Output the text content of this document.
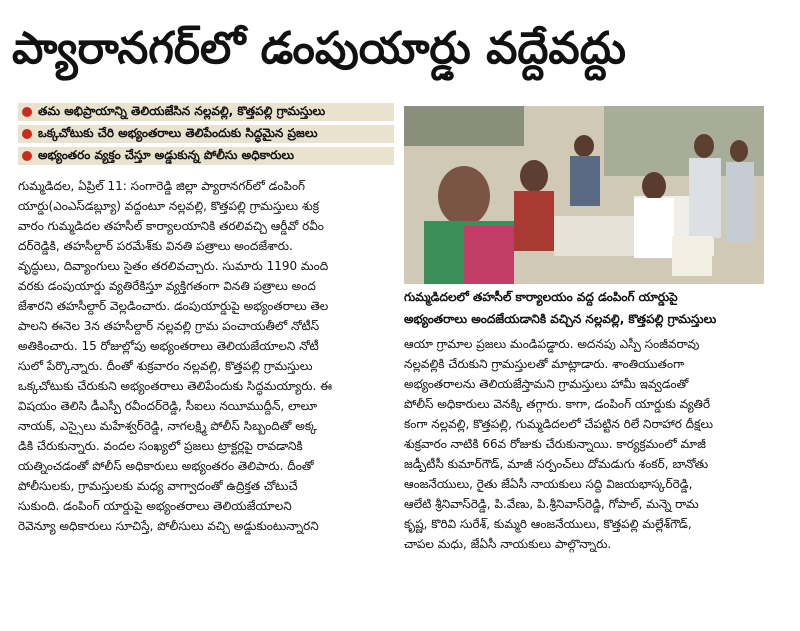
ప్యారానగర్‌లో డంపుయార్డు వద్దేవద్దు
తమ అభిప్రాయాన్ని తెలియజేసిన నల్లవల్లి, కొత్తపల్లి గ్రామస్తులు
ఒక్కచోటుకు చేరి అభ్యంతరాలు తెలిపేందుకు సిద్ధమైన ప్రజలు
అభ్యంతరం వ్యక్తం చేస్తూ అడ్డుకున్న పోలీసు అధికారులు
గుమ్మడిదల, ఏప్రిల్ 11: సంగారెడ్డి జిల్లా ప్యారానగర్‌లో డంపింగ్
యార్డు(ఎంఎస్‌డబ్ల్యూ) వద్దంటూ నల్లవల్లి, కొత్తపల్లి గ్రామస్తులు శుక్ర
వారం గుమ్మడిదల తహసీల్ కార్యాలయానికి తరలివచ్చి ఆర్డీవో రవీం
దర్‌రెడ్డికి, తహసీల్దార్ పరమేశ్‌కు వినతి పత్రాలు అందజేశారు.
వృద్ధులు, దివ్యాంగులు సైతం తరలివచ్చారు. సుమారు 1190 మంది
వరకు డంపుయార్డు వ్యతిరేకిస్తూ వ్యక్తిగతంగా వినతి పత్రాలు అంద
జేశారని తహసీల్దార్ వెల్లడించారు. డంపుయార్డుపై అభ్యంతరాలు తెల
పాలని ఈనెల 3న తహసీల్దార్ నల్లవల్లి గ్రామ పంచాయతీలో నోటీస్
అతికించారు. 15 రోజుల్లోపు అభ్యంతరాలు తెలియజేయాలని నోటీ
సులో పేర్కొన్నారు. దీంతో శుక్రవారం నల్లవల్లి, కొత్తపల్లి గ్రామస్తులు
ఒక్కచోటుకు చేరుకుని అభ్యంతరాలు తెలిపేందుకు సిద్ధమయ్యారు. ఈ
విషయం తెలిసి డీఎస్పీ రవీందర్‌రెడ్డి, సీఐలు నయీముద్దీన్, లాలూ
నాయక్, ఎస్సైలు మహేశ్వర్‌రెడ్డి, నాగలక్ష్మి పోలీస్ సిబ్బందితో అక్క
డికి చేరుకున్నారు. వందల సంఖ్యలో ప్రజలు ట్రాక్టర్లపై రావడానికి
యత్నించడంతో పోలీస్ అధికారులు అభ్యంతరం తెలిపారు. దీంతో
పోలీసులకు, గ్రామస్తులకు మధ్య వాగ్వాదంతో ఉద్రిక్తత చోటుచే
సుకుంది. డంపింగ్ యార్డుపై అభ్యంతరాలు తెలియజేయాలని
రెవెన్యూ అధికారులు సూచిస్తే, పోలీసులు వచ్చి అడ్డుకుంటున్నారని
గుమ్మడిదలలో తహసీల్ కార్యాలయం వద్ద డంపింగ్ యార్డుపై
అభ్యంతరాలు అందజేయడానికి వచ్చిన నల్లవల్లి, కొత్తపల్లి గ్రామస్తులు
ఆయా గ్రామాల ప్రజలు మండిపడ్డారు. అదనపు ఎస్పీ సంజీవరావు
నల్లవల్లికి చేరుకుని గ్రామస్తులతో మాట్లాడారు. శాంతియుతంగా
అభ్యంతరాలను తెలియజేస్తామని గ్రామస్తులు హామీ ఇవ్వడంతో
పోలీస్ అధికారులు వెనక్కి తగ్గారు. కాగా, డంపింగ్ యార్డుకు వ్యతిరే
కంగా నల్లవల్లి, కొత్తపల్లి, గుమ్మడిదలలో చేపట్టిన రిలే నిరాహార దీక్షలు
శుక్రవారం నాటికి 66వ రోజుకు చేరుకున్నాయి. కార్యక్రమంలో మాజీ
జడ్పీటీసీ కుమార్‌గౌడ్, మాజీ సర్పంచ్‌లు దోమడుగు శంకర్, బానోతు
ఆంజనేయులు, రైతు జేఏసీ నాయకులు సద్ది విజయభాస్కర్‌రెడ్డి,
ఆలేటి శ్రీనివాస్‌రెడ్డి, పి.వేణు, పి.శ్రీనివాస్‌రెడ్డి, గోపాల్, మన్నె రామ
కృష్ణ, కొరివి సురేశ్, కుమ్మరి ఆంజనేయులు, కొత్తపల్లి మల్లేశ్‌గౌడ్,
చాపల మధు, జేఏసీ నాయకులు పాల్గొన్నారు.
